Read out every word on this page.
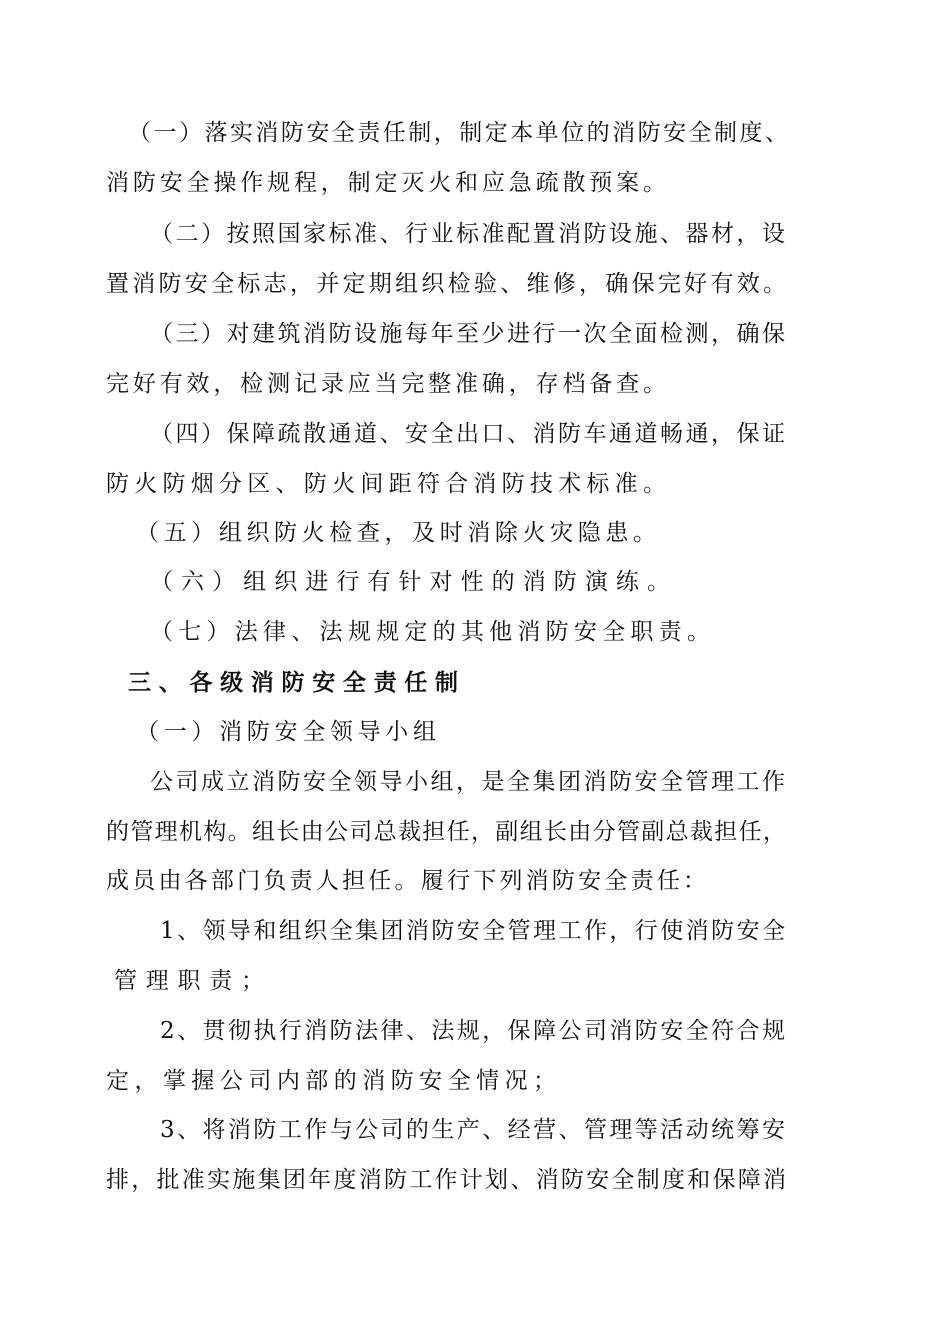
（一）落实消防安全责任制，制定本单位的消防安全制度、
消防安全操作规程，制定灭火和应急疏散预案。
（二）按照国家标准、行业标准配置消防设施、器材，设
置消防安全标志，并定期组织检验、维修，确保完好有效。
（三）对建筑消防设施每年至少进行一次全面检测，确保
完好有效，检测记录应当完整准确，存档备查。
（四）保障疏散通道、安全出口、消防车通道畅通，保证
防火防烟分区、防火间距符合消防技术标准。
（五）组织防火检查，及时消除火灾隐患。
（六）组织进行有针对性的消防演练。
（七）法律、法规规定的其他消防安全职责。
三、各级消防安全责任制
（一）消防安全领导小组
公司成立消防安全领导小组，是全集团消防安全管理工作
的管理机构。组长由公司总裁担任，副组长由分管副总裁担任，
成员由各部门负责人担任。履行下列消防安全责任：
1、领导和组织全集团消防安全管理工作，行使消防安全
管理职责；
2、贯彻执行消防法律、法规，保障公司消防安全符合规
定，掌握公司内部的消防安全情况；
3、将消防工作与公司的生产、经营、管理等活动统筹安
排，批准实施集团年度消防工作计划、消防安全制度和保障消
